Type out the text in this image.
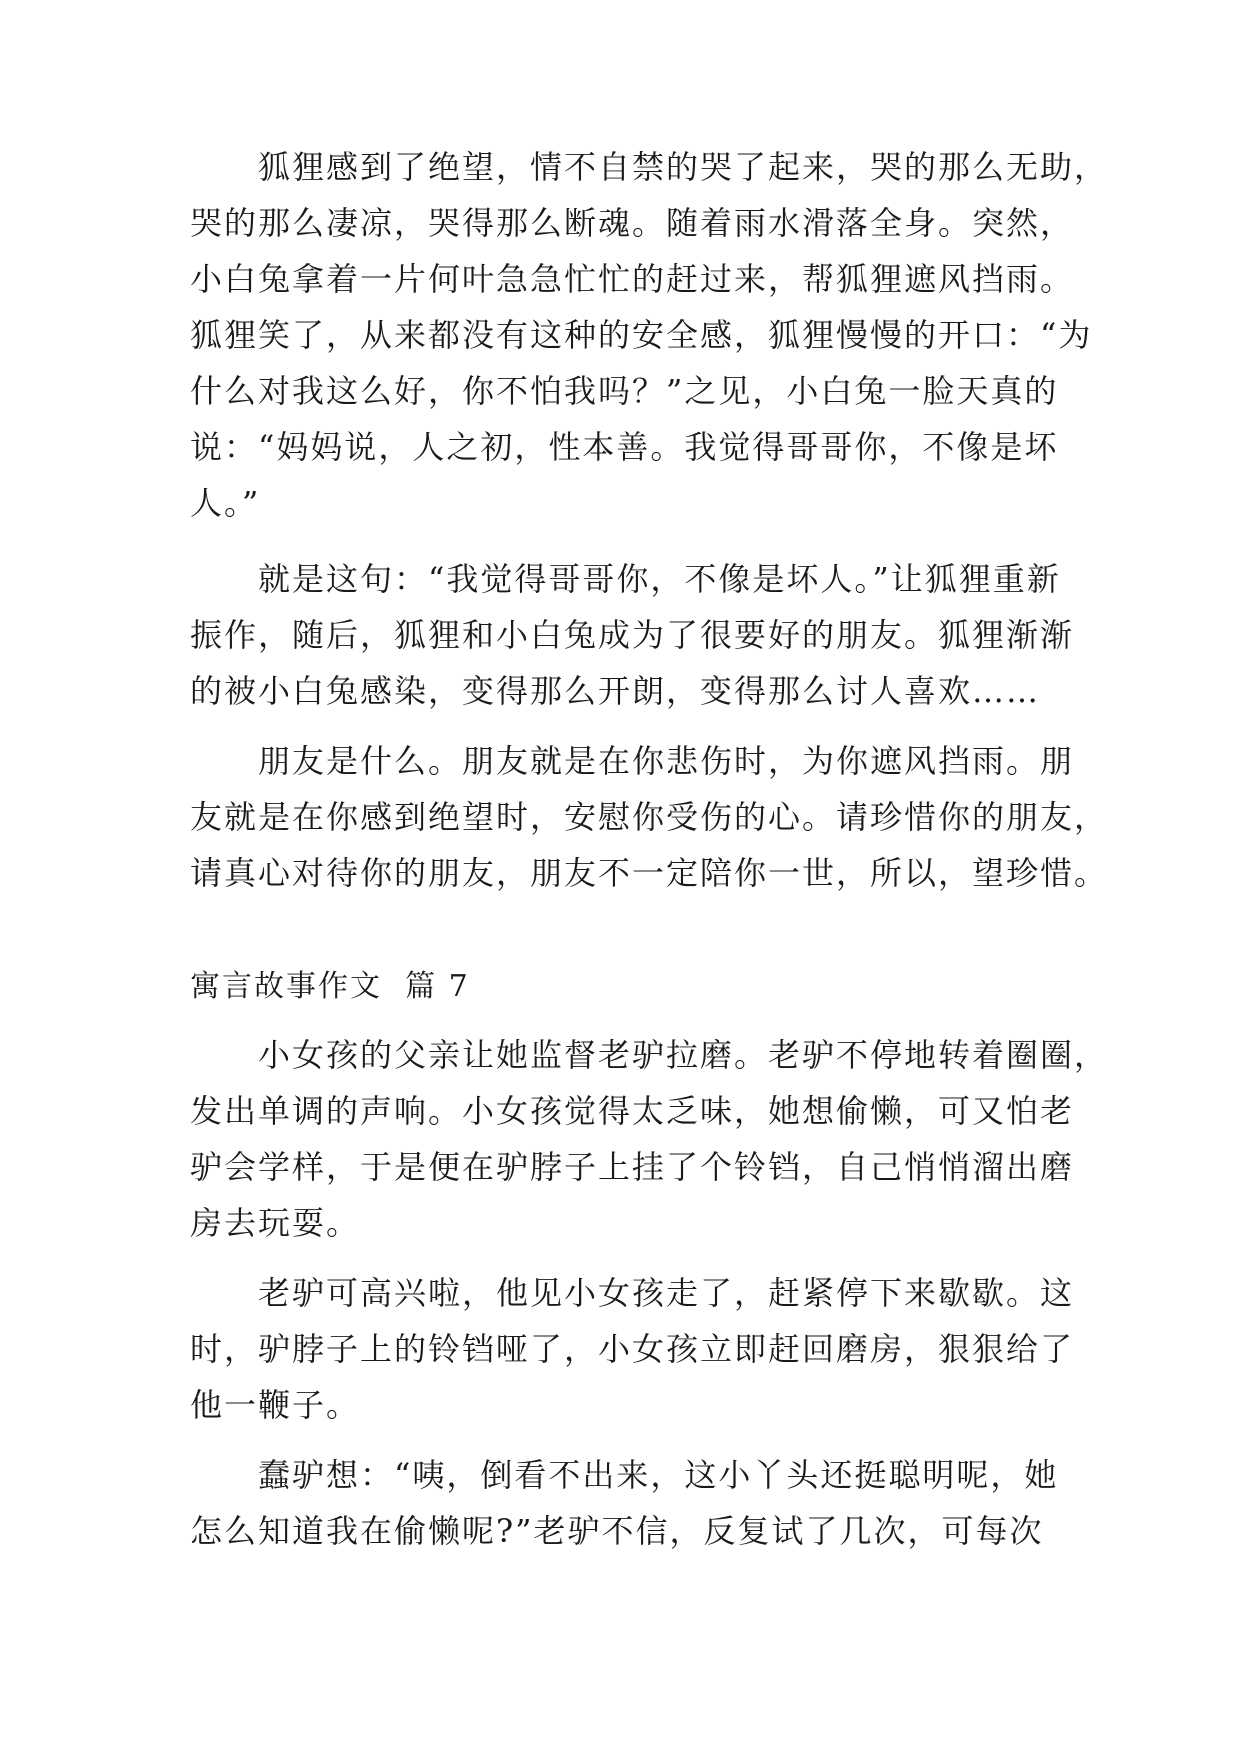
　　狐狸感到了绝望，情不自禁的哭了起来，哭的那么无助，
哭的那么凄凉，哭得那么断魂。随着雨水滑落全身。突然，
小白兔拿着一片何叶急急忙忙的赶过来，帮狐狸遮风挡雨。
狐狸笑了，从来都没有这种的安全感，狐狸慢慢的开口：“为
什么对我这么好，你不怕我吗？”之见，小白兔一脸天真的
说：“妈妈说，人之初，性本善。我觉得哥哥你，不像是坏
人。”
　　就是这句：“我觉得哥哥你，不像是坏人。”让狐狸重新
振作，随后，狐狸和小白兔成为了很要好的朋友。狐狸渐渐
的被小白兔感染，变得那么开朗，变得那么讨人喜欢……
　　朋友是什么。朋友就是在你悲伤时，为你遮风挡雨。朋
友就是在你感到绝望时，安慰你受伤的心。请珍惜你的朋友，
请真心对待你的朋友，朋友不一定陪你一世，所以，望珍惜。
寓言故事作文  篇 7
　　小女孩的父亲让她监督老驴拉磨。老驴不停地转着圈圈，
发出单调的声响。小女孩觉得太乏味，她想偷懒，可又怕老
驴会学样，于是便在驴脖子上挂了个铃铛，自己悄悄溜出磨
房去玩耍。
　　老驴可高兴啦，他见小女孩走了，赶紧停下来歇歇。这
时，驴脖子上的铃铛哑了，小女孩立即赶回磨房，狠狠给了
他一鞭子。
　　蠢驴想：“咦，倒看不出来，这小丫头还挺聪明呢，她
怎么知道我在偷懒呢?”老驴不信，反复试了几次，可每次
